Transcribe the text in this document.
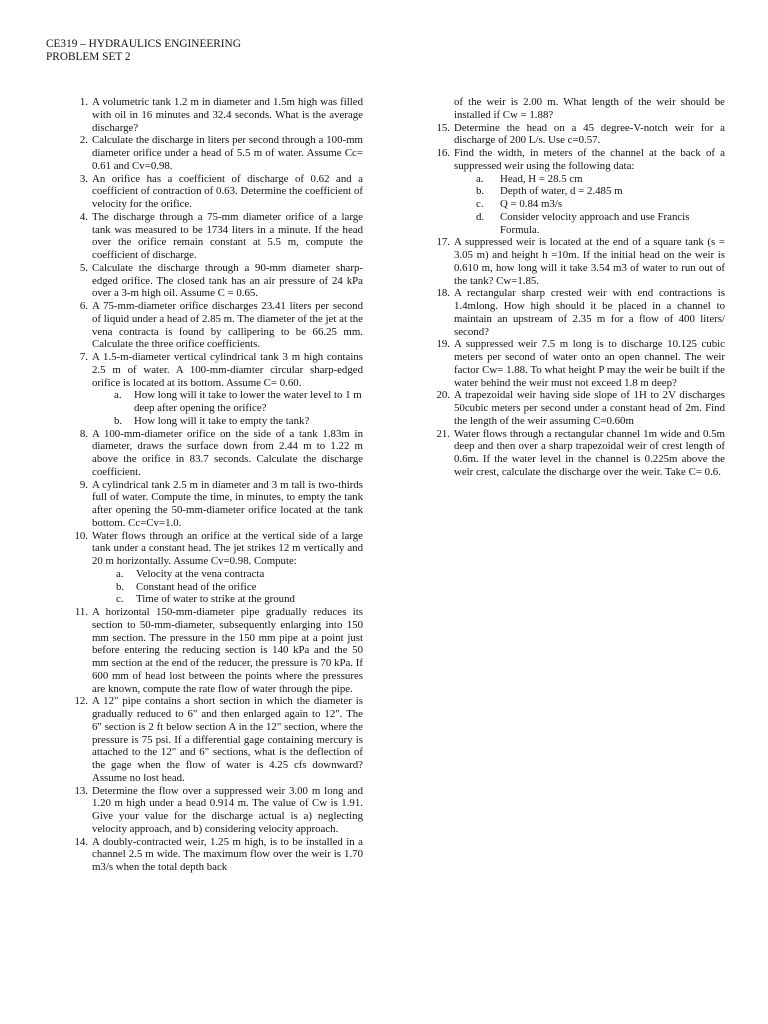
CE319 – HYDRAULICS ENGINEERING
PROBLEM SET 2
1. A volumetric tank 1.2 m in diameter and 1.5m high was filled with oil in 16 minutes and 32.4 seconds. What is the average discharge?
2. Calculate the discharge in liters per second through a 100-mm diameter orifice under a head of 5.5 m of water. Assume Cc= 0.61 and Cv=0.98.
3. An orifice has a coefficient of discharge of 0.62 and a coefficient of contraction of 0.63. Determine the coefficient of velocity for the orifice.
4. The discharge through a 75-mm diameter orifice of a large tank was measured to be 1734 liters in a minute. If the head over the orifice remain constant at 5.5 m, compute the coefficient of discharge.
5. Calculate the discharge through a 90-mm diameter sharp-edged orifice. The closed tank has an air pressure of 24 kPa over a 3-m high oil. Assume C = 0.65.
6. A 75-mm-diameter orifice discharges 23.41 liters per second of liquid under a head of 2.85 m. The diameter of the jet at the vena contracta is found by callipering to be 66.25 mm. Calculate the three orifice coefficients.
7. A 1.5-m-diameter vertical cylindrical tank 3 m high contains 2.5 m of water. A 100-mm-diamter circular sharp-edged orifice is located at its bottom. Assume C= 0.60.
a.	How long will it take to lower the water level to 1 m deep after opening the orifice?
b.	How long will it take to empty the tank?
8. A 100-mm-diameter orifice on the side of a tank 1.83m in diameter, draws the surface down from 2.44 m to 1.22 m above the orifice in 83.7 seconds. Calculate the discharge coefficient.
9. A cylindrical tank 2.5 m in diameter and 3 m tall is two-thirds full of water. Compute the time, in minutes, to empty the tank after opening the 50-mm-diameter orifice located at the tank bottom. Cc=Cv=1.0.
10. Water flows through an orifice at the vertical side of a large tank under a constant head. The jet strikes 12 m vertically and 20 m horizontally. Assume Cv=0.98. Compute:
a.	Velocity at the vena contracta
b.	Constant head of the orifice
c.	Time of water to strike at the ground
11. A horizontal 150-mm-diameter pipe gradually reduces its section to 50-mm-diameter, subsequently enlarging into 150 mm section. The pressure in the 150 mm pipe at a point just before entering the reducing section is 140 kPa and the 50 mm section at the end of the reducer, the pressure is 70 kPa. If 600 mm of head lost between the points where the pressures are known, compute the rate flow of water through the pipe.
12. A 12" pipe contains a short section in which the diameter is gradually reduced to 6" and then enlarged again to 12". The 6" section is 2 ft below section A in the 12" section, where the pressure is 75 psi. If a differential gage containing mercury is attached to the 12" and 6" sections, what is the deflection of the gage when the flow of water is 4.25 cfs downward? Assume no lost head.
13. Determine the flow over a suppressed weir 3.00 m long and 1.20 m high under a head 0.914 m. The value of Cw is 1.91. Give your value for the discharge actual is a) neglecting velocity approach, and b) considering velocity approach.
14. A doubly-contracted weir, 1.25 m high, is to be installed in a channel 2.5 m wide. The maximum flow over the weir is 1.70 m3/s when the total depth back
of the weir is 2.00 m. What length of the weir should be installed if Cw = 1.88?
15. Determine the head on a 45 degree-V-notch weir for a discharge of 200 L/s. Use c=0.57.
16. Find the width, in meters of the channel at the back of a suppressed weir using the following data:
a.	Head, H = 28.5 cm
b.	Depth of water, d = 2.485 m
c.	Q = 0.84 m3/s
d.	Consider velocity approach and use Francis Formula.
17. A suppressed weir is located at the end of a square tank (s = 3.05 m) and height h =10m. If the initial head on the weir is 0.610 m, how long will it take 3.54 m3 of water to run out of the tank? Cw=1.85.
18. A rectangular sharp crested weir with end contractions is 1.4mlong. How high should it be placed in a channel to maintain an upstream of 2.35 m for a flow of 400 liters/ second?
19. A suppressed weir 7.5 m long is to discharge 10.125 cubic meters per second of water onto an open channel. The weir factor Cw= 1.88. To what height P may the weir be built if the water behind the weir must not exceed 1.8 m deep?
20. A trapezoidal weir having side slope of 1H to 2V discharges 50cubic meters per second under a constant head of 2m. Find the length of the weir assuming C=0.60m
21. Water flows through a rectangular channel 1m wide and 0.5m deep and then over a sharp trapezoidal weir of crest length of 0.6m. If the water level in the channel is 0.225m above the weir crest, calculate the discharge over the weir. Take C= 0.6.
